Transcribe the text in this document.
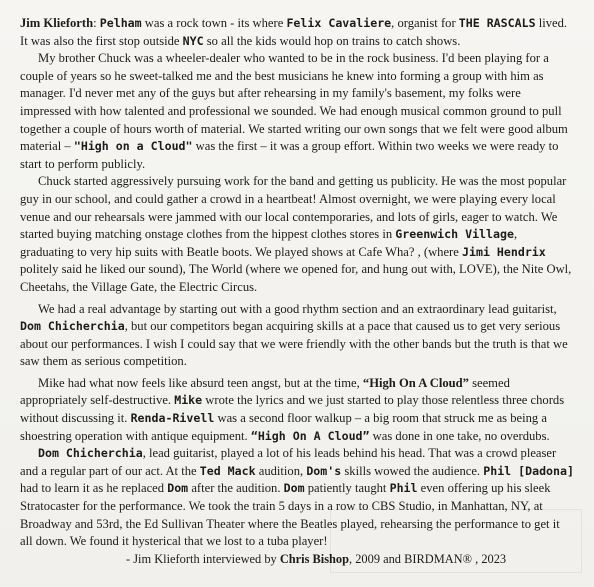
Jim Klieforth: Pelham was a rock town - its where Felix Cavaliere, organist for THE RASCALS lived. It was also the first stop outside NYC so all the kids would hop on trains to catch shows.

My brother Chuck was a wheeler-dealer who wanted to be in the rock business. I'd been playing for a couple of years so he sweet-talked me and the best musicians he knew into forming a group with him as manager. I'd never met any of the guys but after rehearsing in my family's basement, my folks were impressed with how talented and professional we sounded. We had enough musical common ground to pull together a couple of hours worth of material. We started writing our own songs that we felt were good album material – "High on a Cloud" was the first – it was a group effort. Within two weeks we were ready to start to perform publicly.

Chuck started aggressively pursuing work for the band and getting us publicity. He was the most popular guy in our school, and could gather a crowd in a heartbeat! Almost overnight, we were playing every local venue and our rehearsals were jammed with our local contemporaries, and lots of girls, eager to watch. We started buying matching onstage clothes from the hippest clothes stores in Greenwich Village, graduating to very hip suits with Beatle boots. We played shows at Cafe Wha? , (where Jimi Hendrix politely said he liked our sound), The World (where we opened for, and hung out with, LOVE), the Nite Owl, Cheetahs, the Village Gate, the Electric Circus.

We had a real advantage by starting out with a good rhythm section and an extraordinary lead guitarist, Dom Chicherchia, but our competitors began acquiring skills at a pace that caused us to get very serious about our performances. I wish I could say that we were friendly with the other bands but the truth is that we saw them as serious competition.

Mike had what now feels like absurd teen angst, but at the time, “High On A Cloud” seemed appropriately self-destructive. Mike wrote the lyrics and we just started to play those relentless three chords without discussing it. Renda-Rivell was a second floor walkup – a big room that struck me as being a shoestring operation with antique equipment. “High On A Cloud” was done in one take, no overdubs.

Dom Chicherchia, lead guitarist, played a lot of his leads behind his head. That was a crowd pleaser and a regular part of our act. At the Ted Mack audition, Dom's skills wowed the audience. Phil [Dadona] had to learn it as he replaced Dom after the audition. Dom patiently taught Phil even offering up his sleek Stratocaster for the performance. We took the train 5 days in a row to CBS Studio, in Manhattan, NY, at Broadway and 53rd, the Ed Sullivan Theater where the Beatles played, rehearsing the performance to get it all down. We found it hysterical that we lost to a tuba player!

- Jim Klieforth interviewed by Chris Bishop, 2009 and BIRDMAN® , 2023
